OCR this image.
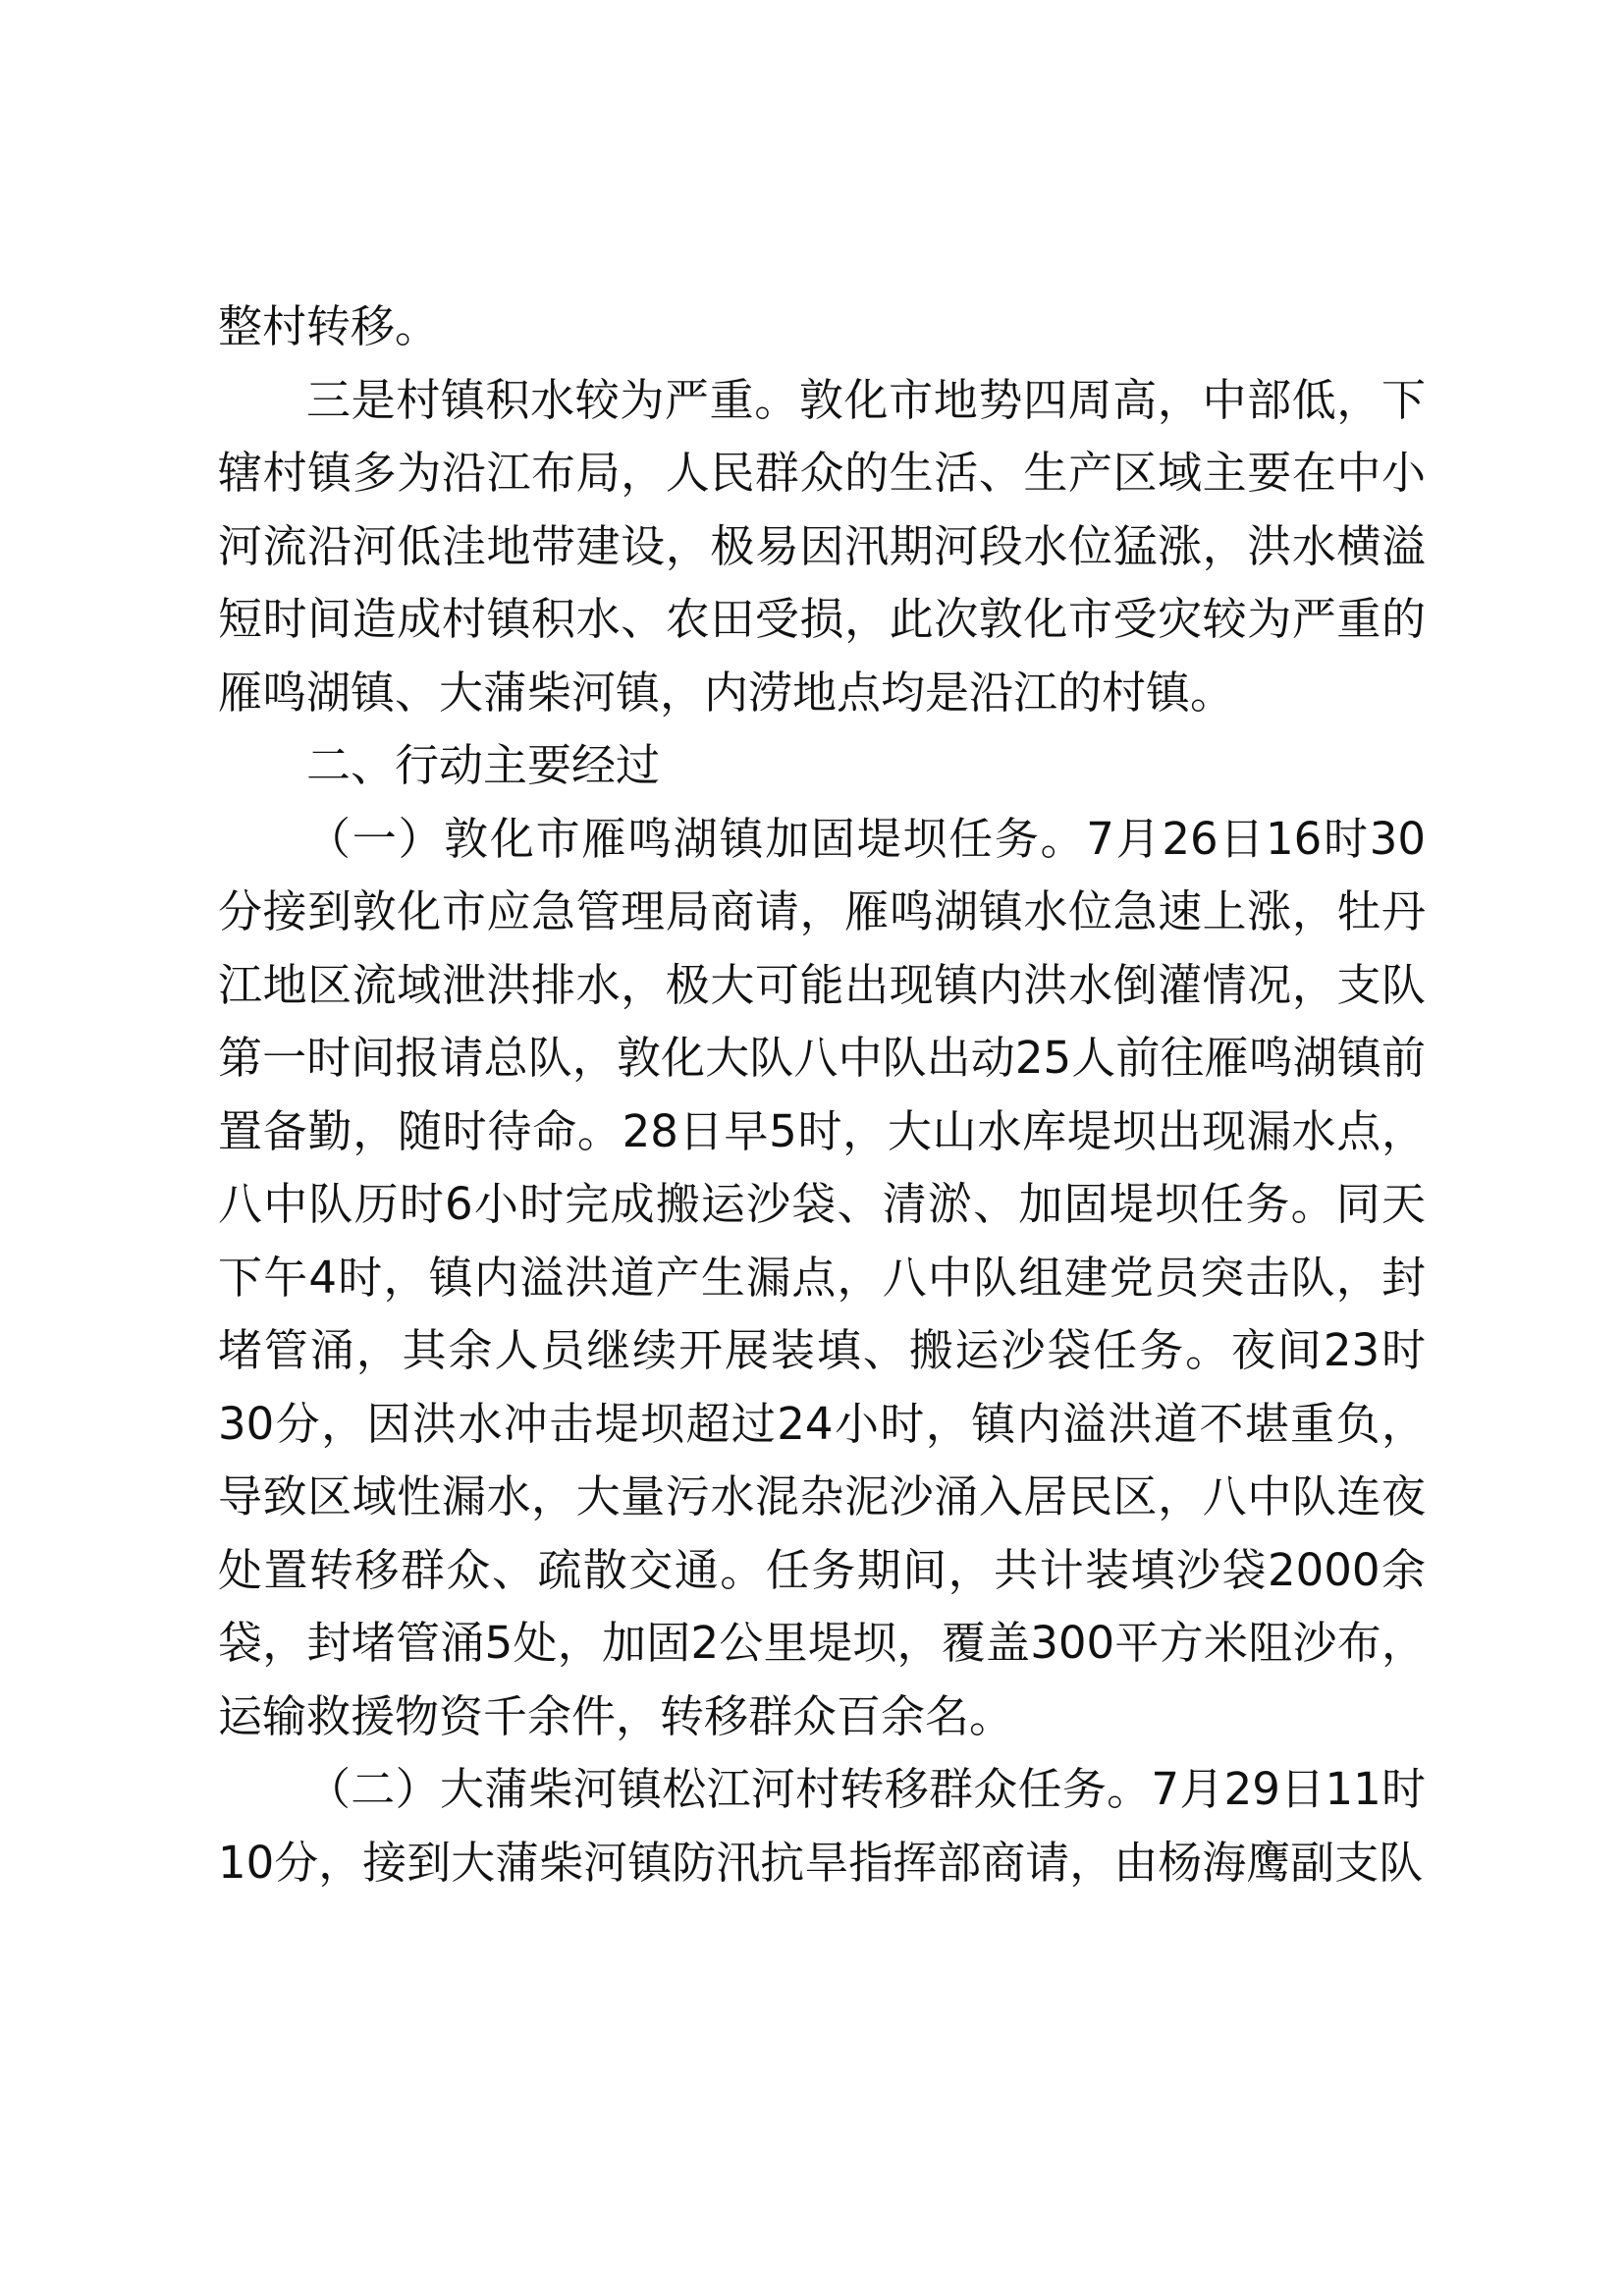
整村转移。

三是村镇积水较为严重。敦化市地势四周高，中部低，下辖村镇多为沿江布局，人民群众的生活、生产区域主要在中小河流沿河低洼地带建设，极易因汛期河段水位猛涨，洪水横溢短时间造成村镇积水、农田受损，此次敦化市受灾较为严重的雁鸣湖镇、大蒲柴河镇，内涝地点均是沿江的村镇。

二、行动主要经过

（一）敦化市雁鸣湖镇加固堤坝任务。7月26日16时30分接到敦化市应急管理局商请，雁鸣湖镇水位急速上涨，牡丹江地区流域泄洪排水，极大可能出现镇内洪水倒灌情况，支队第一时间报请总队，敦化大队八中队出动25人前往雁鸣湖镇前置备勤，随时待命。28日早5时，大山水库堤坝出现漏水点，八中队历时6小时完成搬运沙袋、清淤、加固堤坝任务。同天下午4时，镇内溢洪道产生漏点，八中队组建党员突击队，封堵管涌，其余人员继续开展装填、搬运沙袋任务。夜间23时30分，因洪水冲击堤坝超过24小时，镇内溢洪道不堪重负，导致区域性漏水，大量污水混杂泥沙涌入居民区，八中队连夜处置转移群众、疏散交通。任务期间，共计装填沙袋2000余袋，封堵管涌5处，加固2公里堤坝，覆盖300平方米阻沙布，运输救援物资千余件，转移群众百余名。

（二）大蒲柴河镇松江河村转移群众任务。7月29日11时10分，接到大蒲柴河镇防汛抗旱指挥部商请，由杨海鹰副支队
